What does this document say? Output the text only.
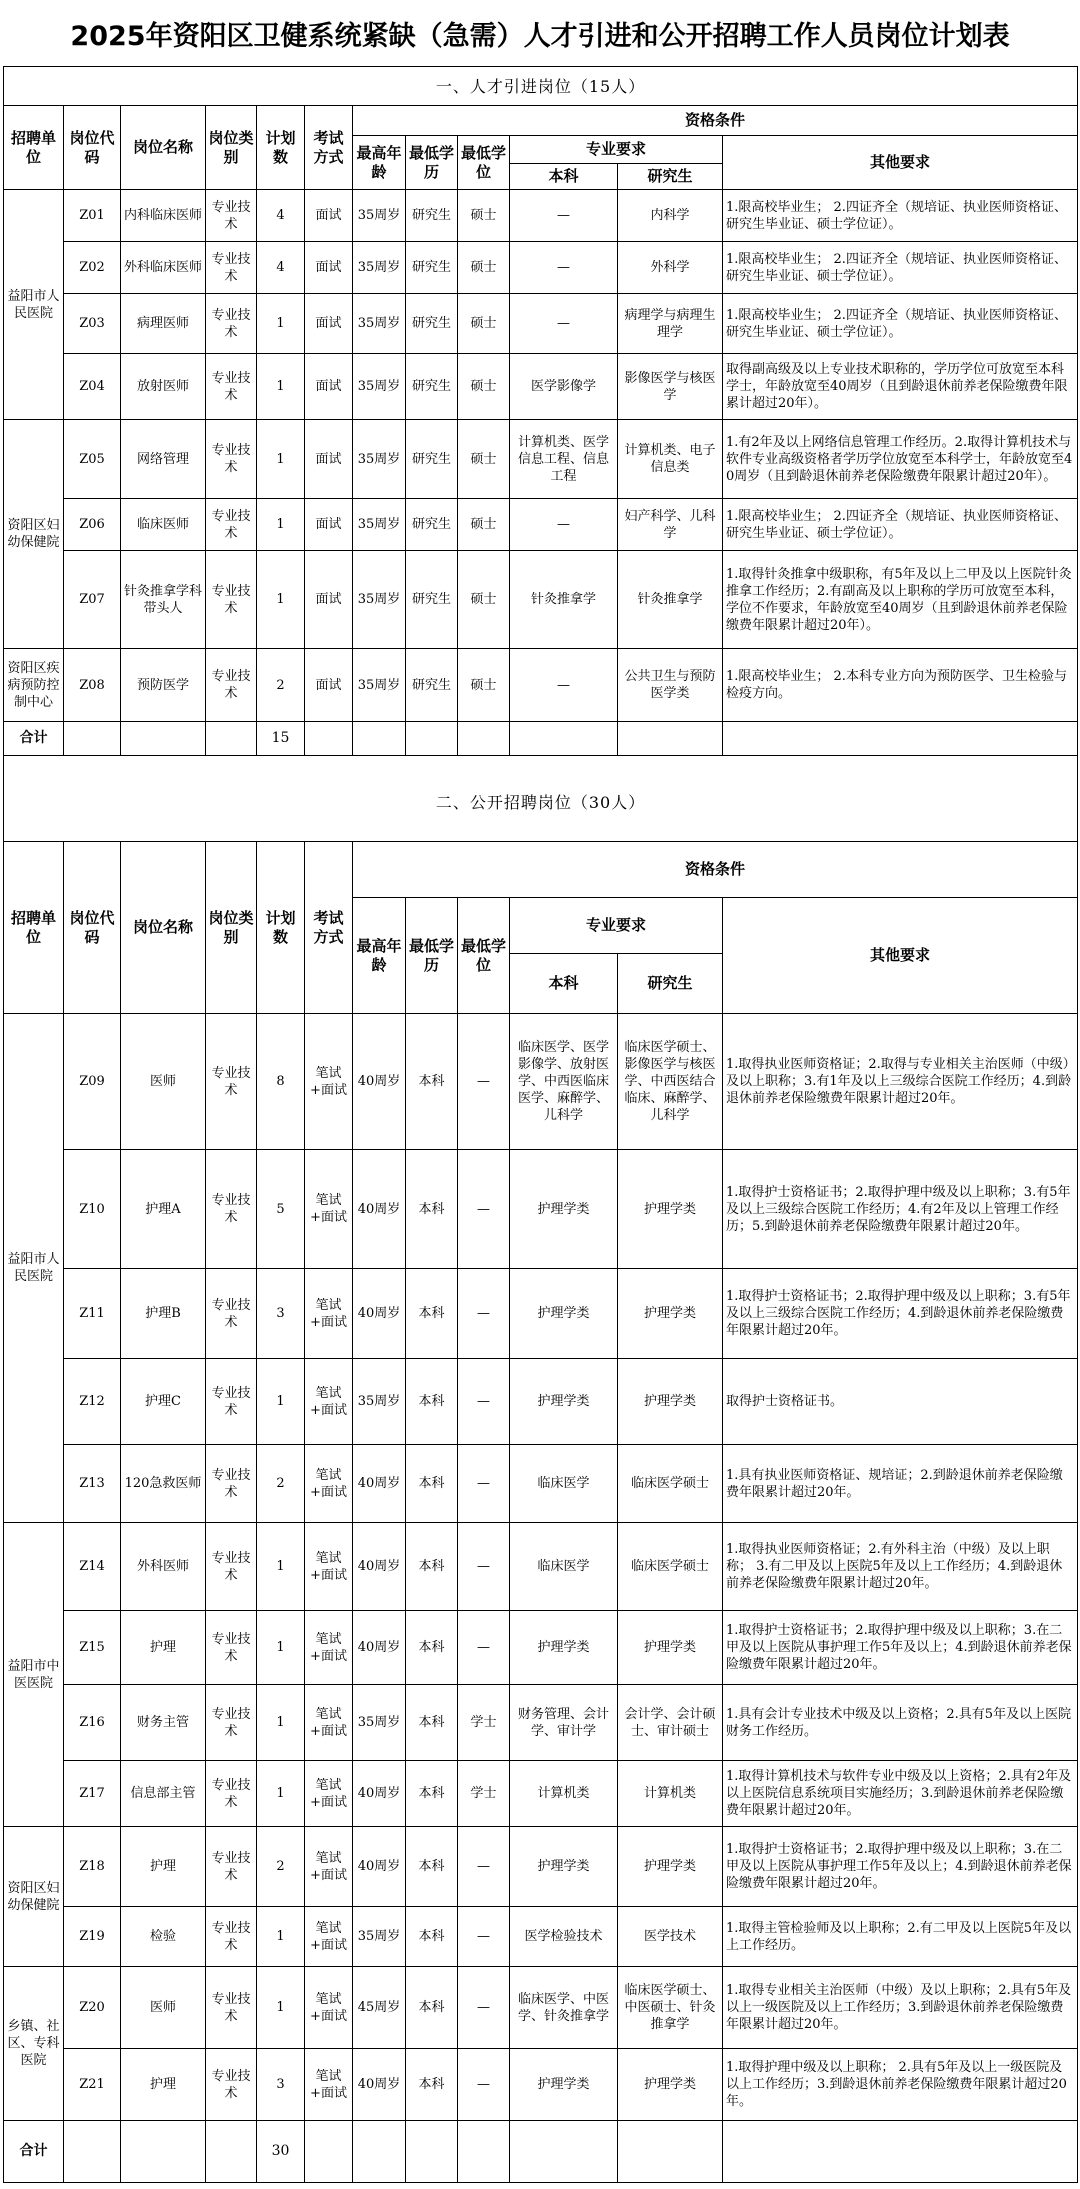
2025年资阳区卫健系统紧缺（急需）人才引进和公开招聘工作人员岗位计划表
一、人才引进岗位（15人）											
招聘单位	岗位代码	岗位名称	岗位类别	计划数	考试方式	资格条件					
						最高年龄	最低学历	最低学位	专业要求		其他要求
									本科	研究生	
益阳市人民医院	Z01	内科临床医师	专业技术	4	面试	35周岁	研究生	硕士	—	内科学	1.限高校毕业生； 2.四证齐全（规培证、执业医师资格证、研究生毕业证、硕士学位证）。
	Z02	外科临床医师	专业技术	4	面试	35周岁	研究生	硕士	—	外科学	1.限高校毕业生； 2.四证齐全（规培证、执业医师资格证、研究生毕业证、硕士学位证）。
	Z03	病理医师	专业技术	1	面试	35周岁	研究生	硕士	—	病理学与病理生理学	1.限高校毕业生； 2.四证齐全（规培证、执业医师资格证、研究生毕业证、硕士学位证）。
	Z04	放射医师	专业技术	1	面试	35周岁	研究生	硕士	医学影像学	影像医学与核医学	取得副高级及以上专业技术职称的，学历学位可放宽至本科学士，年龄放宽至40周岁（且到龄退休前养老保险缴费年限累计超过20年）。
资阳区妇幼保健院	Z05	网络管理	专业技术	1	面试	35周岁	研究生	硕士	计算机类、医学信息工程、信息工程	计算机类、电子信息类	1.有2年及以上网络信息管理工作经历。2.取得计算机技术与软件专业高级资格者学历学位放宽至本科学士，年龄放宽至40周岁（且到龄退休前养老保险缴费年限累计超过20年）。
	Z06	临床医师	专业技术	1	面试	35周岁	研究生	硕士	—	妇产科学、儿科学	1.限高校毕业生； 2.四证齐全（规培证、执业医师资格证、研究生毕业证、硕士学位证）。
	Z07	针灸推拿学科带头人	专业技术	1	面试	35周岁	研究生	硕士	针灸推拿学	针灸推拿学	1.取得针灸推拿中级职称，有5年及以上二甲及以上医院针灸推拿工作经历；2.有副高及以上职称的学历可放宽至本科，学位不作要求，年龄放宽至40周岁（且到龄退休前养老保险缴费年限累计超过20年）。
资阳区疾病预防控制中心	Z08	预防医学	专业技术	2	面试	35周岁	研究生	硕士	—	公共卫生与预防医学类	1.限高校毕业生； 2.本科专业方向为预防医学、卫生检验与检疫方向。
合计				15							

二、公开招聘岗位（30人）											

招聘单位	岗位代码	岗位名称	岗位类别	计划数	考试方式	资格条件					
						最高年龄	最低学历	最低学位	专业要求		其他要求
									本科	研究生	
益阳市人民医院	Z09	医师	专业技术	8	笔试+面试	40周岁	本科	—	临床医学、医学影像学、放射医学、中西医临床医学、麻醉学、儿科学	临床医学硕士、影像医学与核医学、中西医结合临床、麻醉学、儿科学	1.取得执业医师资格证；2.取得与专业相关主治医师（中级）及以上职称；3.有1年及以上三级综合医院工作经历；4.到龄退休前养老保险缴费年限累计超过20年。
	Z10	护理A	专业技术	5	笔试+面试	40周岁	本科	—	护理学类	护理学类	1.取得护士资格证书；2.取得护理中级及以上职称；3.有5年及以上三级综合医院工作经历；4.有2年及以上管理工作经历；5.到龄退休前养老保险缴费年限累计超过20年。
	Z11	护理B	专业技术	3	笔试+面试	40周岁	本科	—	护理学类	护理学类	1.取得护士资格证书；2.取得护理中级及以上职称；3.有5年及以上三级综合医院工作经历；4.到龄退休前养老保险缴费年限累计超过20年。
	Z12	护理C	专业技术	1	笔试+面试	35周岁	本科	—	护理学类	护理学类	取得护士资格证书。
	Z13	120急救医师	专业技术	2	笔试+面试	40周岁	本科	—	临床医学	临床医学硕士	1.具有执业医师资格证、规培证；2.到龄退休前养老保险缴费年限累计超过20年。
益阳市中医医院	Z14	外科医师	专业技术	1	笔试+面试	40周岁	本科	—	临床医学	临床医学硕士	1.取得执业医师资格证；2.有外科主治（中级）及以上职称； 3.有二甲及以上医院5年及以上工作经历；4.到龄退休前养老保险缴费年限累计超过20年。
	Z15	护理	专业技术	1	笔试+面试	40周岁	本科	—	护理学类	护理学类	1.取得护士资格证书；2.取得护理中级及以上职称；3.在二甲及以上医院从事护理工作5年及以上；4.到龄退休前养老保险缴费年限累计超过20年。
	Z16	财务主管	专业技术	1	笔试+面试	35周岁	本科	学士	财务管理、会计学、审计学	会计学、会计硕士、审计硕士	1.具有会计专业技术中级及以上资格；2.具有5年及以上医院财务工作经历。
	Z17	信息部主管	专业技术	1	笔试+面试	40周岁	本科	学士	计算机类	计算机类	1.取得计算机技术与软件专业中级及以上资格；2.具有2年及以上医院信息系统项目实施经历；3.到龄退休前养老保险缴费年限累计超过20年。
资阳区妇幼保健院	Z18	护理	专业技术	2	笔试+面试	40周岁	本科	—	护理学类	护理学类	1.取得护士资格证书；2.取得护理中级及以上职称；3.在二甲及以上医院从事护理工作5年及以上；4.到龄退休前养老保险缴费年限累计超过20年。
	Z19	检验	专业技术	1	笔试+面试	35周岁	本科	—	医学检验技术	医学技术	1.取得主管检验师及以上职称；2.有二甲及以上医院5年及以上工作经历。
乡镇、社区、专科医院	Z20	医师	专业技术	1	笔试+面试	45周岁	本科	—	临床医学、中医学、针灸推拿学	临床医学硕士、中医硕士、针灸推拿学	1.取得专业相关主治医师（中级）及以上职称；2.具有5年及以上一级医院及以上工作经历；3.到龄退休前养老保险缴费年限累计超过20年。
	Z21	护理	专业技术	3	笔试+面试	40周岁	本科	—	护理学类	护理学类	1.取得护理中级及以上职称； 2.具有5年及以上一级医院及以上工作经历；3.到龄退休前养老保险缴费年限累计超过20年。
合计				30							
